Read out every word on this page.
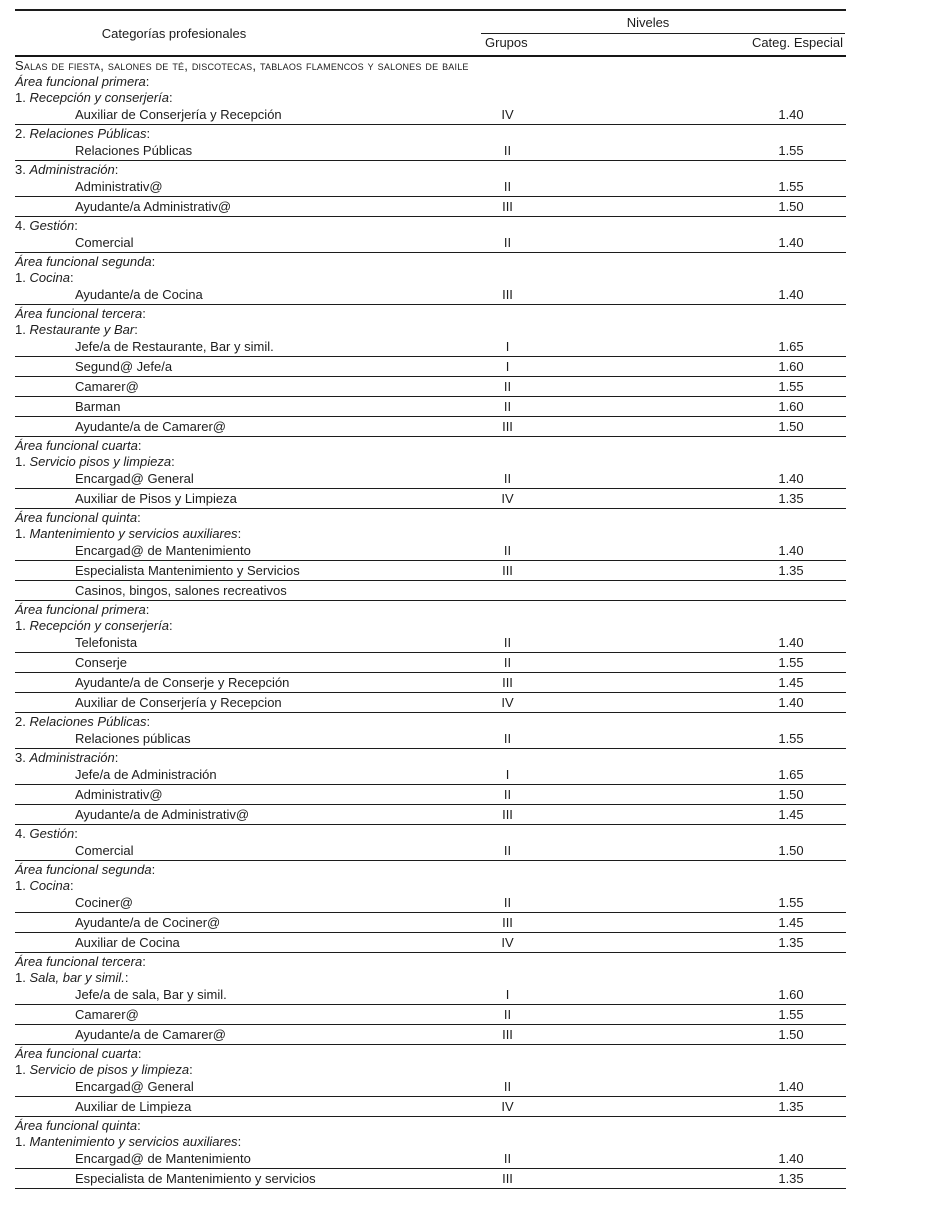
Categorías profesionales
Niveles
Grupos	Categ. Especial
Salas de fiesta, salones de té, discotecas, tablaos flamencos y salones de baile
Área funcional primera :
1. Recepción y conserjería :
Auxiliar de Conserjería y Recepción	IV	1.40
2. Relaciones Públicas :
Relaciones Públicas	II	1.55
3. Administración :
Administrativ@	II	1.55
Ayudante/a Administrativ@	III	1.50
4. Gestión :
Comercial	II	1.40
Área funcional segunda :
1. Cocina :
Ayudante/a de Cocina	III	1.40
Área funcional tercera :
1. Restaurante y Bar :
Jefe/a de Restaurante, Bar y simil.	I	1.65
Segund@ Jefe/a	I	1.60
Camarer@	II	1.55
Barman	II	1.60
Ayudante/a de Camarer@	III	1.50
Área funcional cuarta :
1. Servicio pisos y limpieza :
Encargad@ General	II	1.40
Auxiliar de Pisos y Limpieza	IV	1.35
Área funcional quinta :
1. Mantenimiento y servicios auxiliares :
Encargad@ de Mantenimiento	II	1.40
Especialista Mantenimiento y Servicios	III	1.35
Casinos, bingos, salones recreativos
Área funcional primera :
1. Recepción y conserjería :
Telefonista	II	1.40
Conserje	II	1.55
Ayudante/a de Conserje y Recepción	III	1.45
Auxiliar de Conserjería y Recepcion	IV	1.40
2. Relaciones Públicas :
Relaciones públicas	II	1.55
3. Administración :
Jefe/a de Administración	I	1.65
Administrativ@	II	1.50
Ayudante/a de Administrativ@	III	1.45
4. Gestión :
Comercial	II	1.50
Área funcional segunda :
1. Cocina :
Cociner@	II	1.55
Ayudante/a de Cociner@	III	1.45
Auxiliar de Cocina	IV	1.35
Área funcional tercera :
1. Sala, bar y simil. :
Jefe/a de sala, Bar y simil.	I	1.60
Camarer@	II	1.55
Ayudante/a de Camarer@	III	1.50
Área funcional cuarta :
1. Servicio de pisos y limpieza :
Encargad@ General	II	1.40
Auxiliar de Limpieza	IV	1.35
Área funcional quinta :
1. Mantenimiento y servicios auxiliares :
Encargad@ de Mantenimiento	II	1.40
Especialista de Mantenimiento y servicios	III	1.35
